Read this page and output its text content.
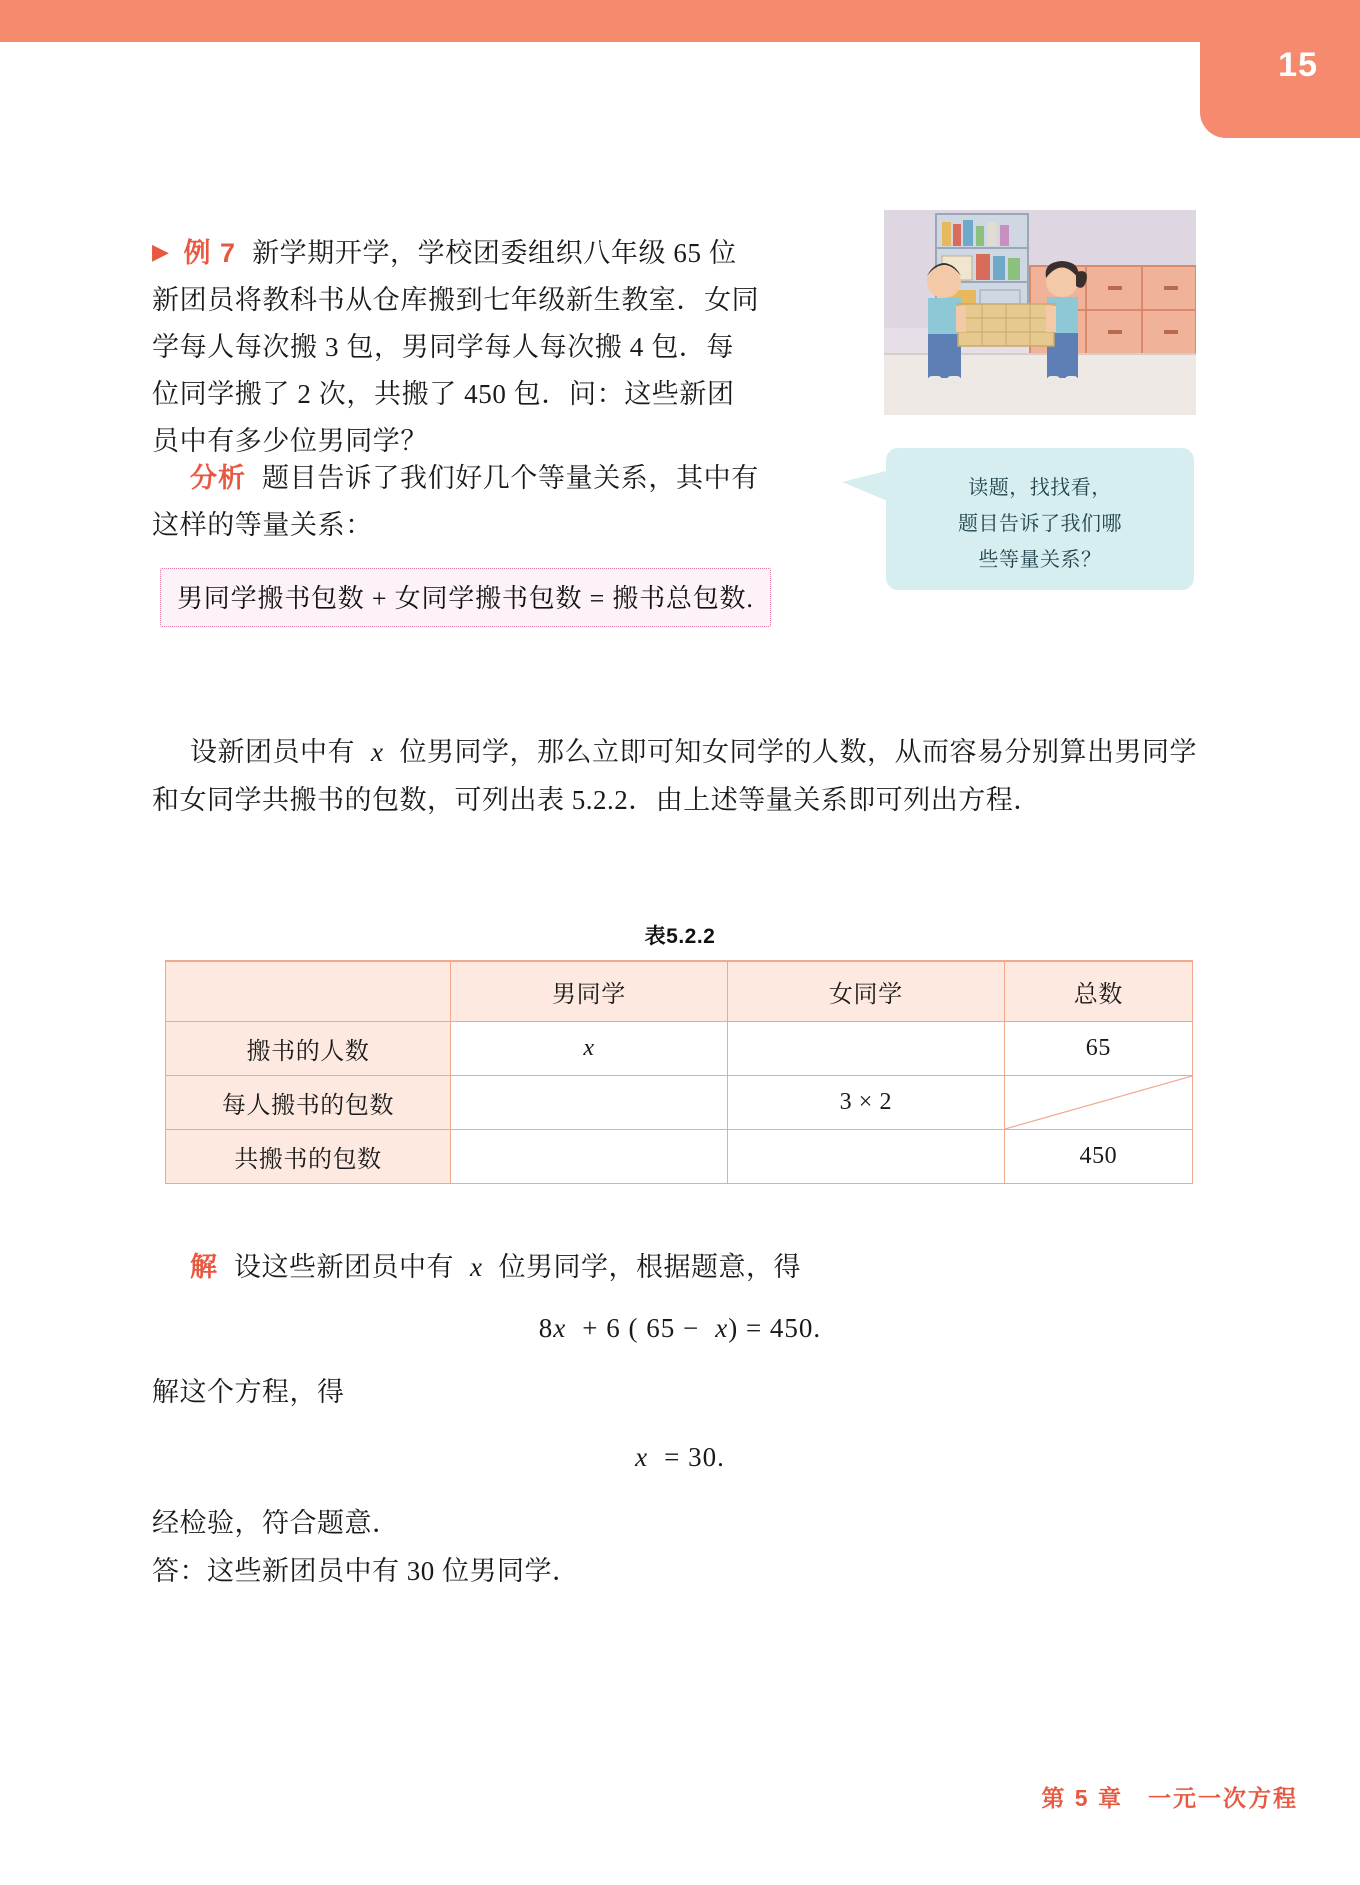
15
▶ 例 7 新学期开学，学校团委组织八年级 65 位
新团员将教科书从仓库搬到七年级新生教室．女同
学每人每次搬 3 包，男同学每人每次搬 4 包．每
位同学搬了 2 次，共搬了 450 包．问：这些新团
员中有多少位男同学？
分析 题目告诉了我们好几个等量关系，其中有
这样的等量关系：
男同学搬书包数 + 女同学搬书包数 = 搬书总包数.
读题，找找看，
题目告诉了我们哪
些等量关系？
设新团员中有 x 位男同学，那么立即可知女同学的人数，从而容易分别算出男同学和女同学共搬书的包数，可列出表 5.2.2．由上述等量关系即可列出方程．
表5.2.2
	男同学	女同学	总数
搬书的人数	x		65
每人搬书的包数		3 × 2	

共搬书的包数			450
解 设这些新团员中有 x 位男同学，根据题意，得
8x + 6 ( 65 − x) = 450.
解这个方程，得
x = 30.
经检验，符合题意．
答：这些新团员中有 30 位男同学．
第 5 章　一元一次方程
